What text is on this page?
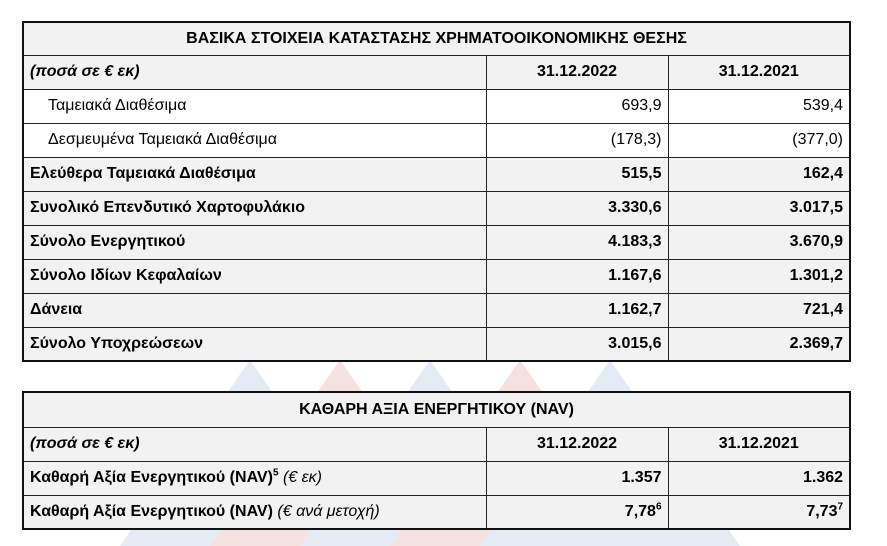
ΒΑΣΙΚΑ ΣΤΟΙΧΕΙΑ ΚΑΤΑΣΤΑΣΗΣ ΧΡΗΜΑΤΟΟΙΚΟΝΟΜΙΚΗΣ ΘΕΣΗΣ		
(ποσά σε € εκ)	31.12.2022	31.12.2021
Ταμειακά Διαθέσιμα	693,9	539,4
Δεσμευμένα Ταμειακά Διαθέσιμα	(178,3)	(377,0)
Ελεύθερα Ταμειακά Διαθέσιμα	515,5	162,4
Συνολικό Επενδυτικό Χαρτοφυλάκιο	3.330,6	3.017,5
Σύνολο Ενεργητικού	4.183,3	3.670,9
Σύνολο Ιδίων Κεφαλαίων	1.167,6	1.301,2
Δάνεια	1.162,7	721,4
Σύνολο Υποχρεώσεων	3.015,6	2.369,7
ΚΑΘΑΡΗ ΑΞΙΑ ΕΝΕΡΓΗΤΙΚΟΥ (NAV)		
(ποσά σε € εκ)	31.12.2022	31.12.2021
Καθαρή Αξία Ενεργητικού (NAV)$^5$ (€ εκ)	1.357	1.362
Καθαρή Αξία Ενεργητικού (NAV) (€ ανά μετοχή)	7,78$^6$	7,73$^7$
